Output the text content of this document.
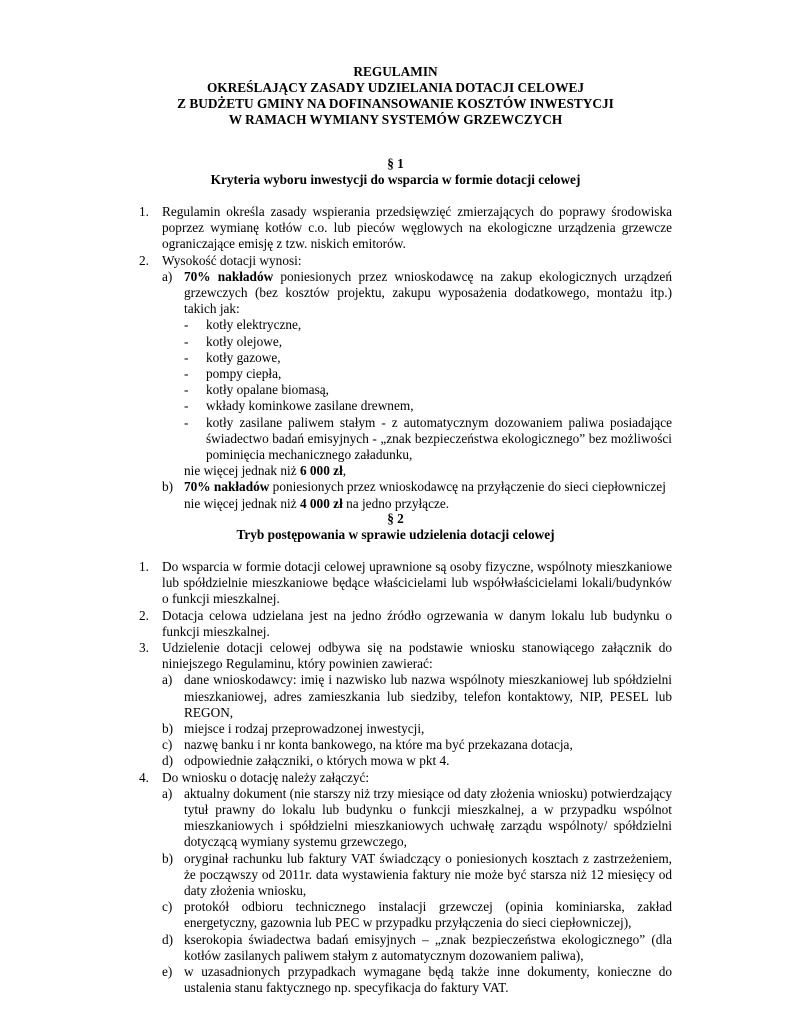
REGULAMIN
OKREŚLAJĄCY ZASADY UDZIELANIA DOTACJI CELOWEJ
Z BUDŻETU GMINY NA DOFINANSOWANIE KOSZTÓW INWESTYCJI
W RAMACH WYMIANY SYSTEMÓW GRZEWCZYCH
§ 1
Kryteria wyboru inwestycji do wsparcia w formie dotacji celowej
1. Regulamin określa zasady wspierania przedsięwzięć zmierzających do poprawy środowiska poprzez wymianę kotłów c.o. lub pieców węglowych na ekologiczne urządzenia grzewcze ograniczające emisję z tzw. niskich emitorów.
2. Wysokość dotacji wynosi:
a) 70% nakładów poniesionych przez wnioskodawcę na zakup ekologicznych urządzeń grzewczych (bez kosztów projektu, zakupu wyposażenia dodatkowego, montażu itp.) takich jak:
- kotły elektryczne,
- kotły olejowe,
- kotły gazowe,
- pompy ciepła,
- kotły opalane biomasą,
- wkłady kominkowe zasilane drewnem,
- kotły zasilane paliwem stałym - z automatycznym dozowaniem paliwa posiadające świadectwo badań emisyjnych - „znak bezpieczeństwa ekologicznego” bez możliwości pominięcia mechanicznego załadunku,
nie więcej jednak niż 6 000 zł,
b) 70% nakładów poniesionych przez wnioskodawcę na przyłączenie do sieci ciepłowniczej nie więcej jednak niż 4 000 zł na jedno przyłącze.
§ 2
Tryb postępowania w sprawie udzielenia dotacji celowej
1. Do wsparcia w formie dotacji celowej uprawnione są osoby fizyczne, wspólnoty mieszkaniowe lub spółdzielnie mieszkaniowe będące właścicielami lub współwłaścicielami lokali/budynków o funkcji mieszkalnej.
2. Dotacja celowa udzielana jest na jedno źródło ogrzewania w danym lokalu lub budynku o funkcji mieszkalnej.
3. Udzielenie dotacji celowej odbywa się na podstawie wniosku stanowiącego załącznik do niniejszego Regulaminu, który powinien zawierać:
a) dane wnioskodawcy: imię i nazwisko lub nazwa wspólnoty mieszkaniowej lub spółdzielni mieszkaniowej, adres zamieszkania lub siedziby, telefon kontaktowy, NIP, PESEL lub REGON,
b) miejsce i rodzaj przeprowadzonej inwestycji,
c) nazwę banku i nr konta bankowego, na które ma być przekazana dotacja,
d) odpowiednie załączniki, o których mowa w pkt 4.
4. Do wniosku o dotację należy załączyć:
a) aktualny dokument (nie starszy niż trzy miesiące od daty złożenia wniosku) potwierdzający tytuł prawny do lokalu lub budynku o funkcji mieszkalnej, a w przypadku wspólnot mieszkaniowych i spółdzielni mieszkaniowych uchwałę zarządu wspólnoty/ spółdzielni dotyczącą wymiany systemu grzewczego,
b) oryginał rachunku lub faktury VAT świadczący o poniesionych kosztach z zastrzeżeniem, że począwszy od 2011r. data wystawienia faktury nie może być starsza niż 12 miesięcy od daty złożenia wniosku,
c) protokół odbioru technicznego instalacji grzewczej (opinia kominiarska, zakład energetyczny, gazownia lub PEC w przypadku przyłączenia do sieci ciepłowniczej),
d) kserokopia świadectwa badań emisyjnych – „znak bezpieczeństwa ekologicznego” (dla kotłów zasilanych paliwem stałym z automatycznym dozowaniem paliwa),
e) w uzasadnionych przypadkach wymagane będą także inne dokumenty, konieczne do ustalenia stanu faktycznego np. specyfikacja do faktury VAT.
